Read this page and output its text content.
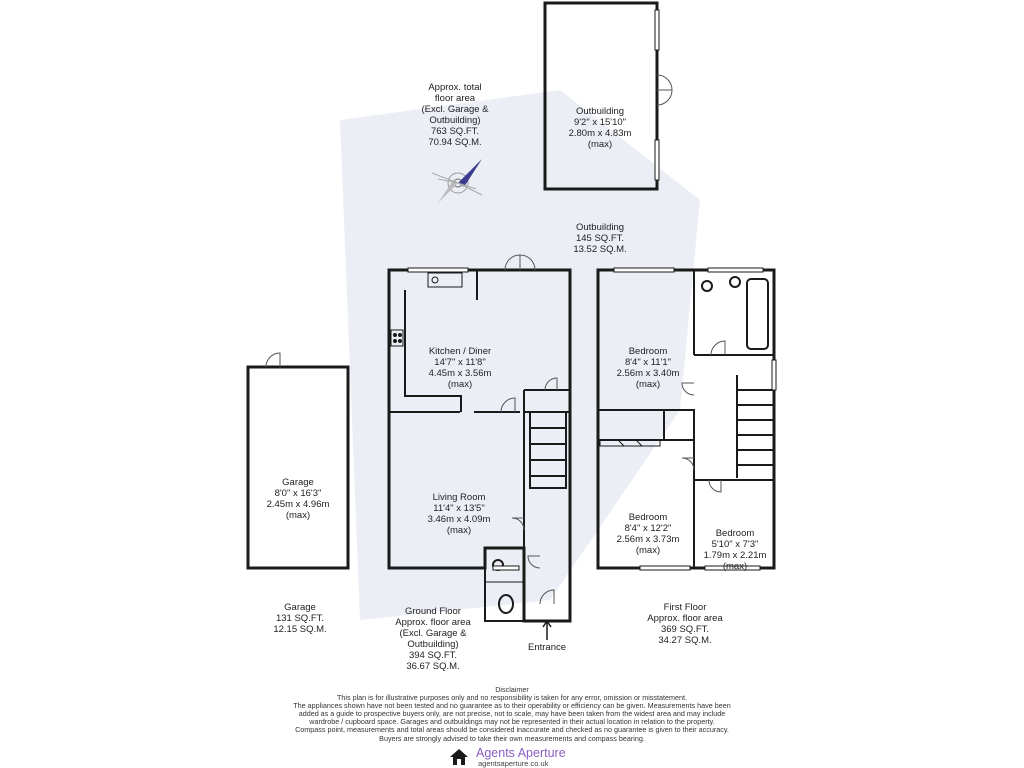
Approx. total
floor area
(Excl. Garage &
Outbuilding)
763 SQ.FT.
70.94 SQ.M.

Outbuilding
9'2" x 15'10"
2.80m x 4.83m
(max)

Outbuilding
145 SQ.FT.
13.52 SQ.M.

Kitchen / Diner
14'7" x 11'8"
4.45m x 3.56m
(max)

Living Room
11'4" x 13'5"
3.46m x 4.09m
(max)

Garage
8'0" x 16'3"
2.45m x 4.96m
(max)

Garage
131 SQ.FT.
12.15 SQ.M.

Ground Floor
Approx. floor area
(Excl. Garage &
Outbuilding)
394 SQ.FT.
36.67 SQ.M.

Entrance

Bedroom
8'4" x 11'1"
2.56m x 3.40m
(max)

Bedroom
8'4" x 12'2"
2.56m x 3.73m
(max)

Bedroom
5'10" x 7'3"
1.79m x 2.21m
(max)

First Floor
Approx. floor area
369 SQ.FT.
34.27 SQ.M.

Disclaimer
This plan is for illustrative purposes only and no responsibility is taken for any error, omission or misstatement.
The appliances shown have not been tested and no guarantee as to their operability or efficiency can be given. Measurements have been
added as a guide to prospective buyers only, are not precise, not to scale, may have been taken from the widest area and may include
wardrobe / cupboard space. Garages and outbuildings may not be represented in their actual location in relation to the property.
Compass point, measurements and total areas should be considered inaccurate and checked as no guarantee is given to their accuracy.
Buyers are strongly advised to take their own measurements and compass bearing.
Agents Aperture
agentsaperture.co.uk
